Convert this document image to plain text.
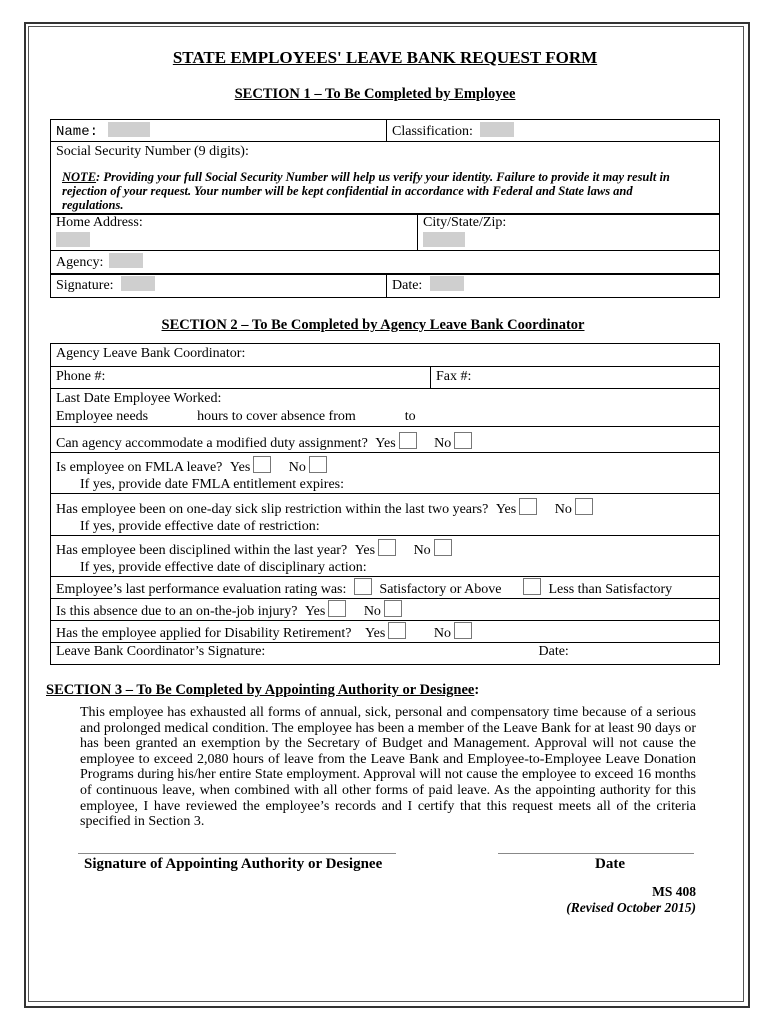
STATE EMPLOYEES' LEAVE BANK REQUEST FORM
SECTION 1 – To Be Completed by Employee
Name:	Classification:

Social Security Number (9 digits):
NOTE: Providing your full Social Security Number will help us verify your identity. Failure to provide it may result in rejection of your request. Your number will be kept confidential in accordance with Federal and State laws and regulations.
Home Address:	City/State/Zip:

Agency:
Signature:	Date:
SECTION 2 – To Be Completed by Agency Leave Bank Coordinator
Agency Leave Bank Coordinator:
Phone #:	Fax #:

Last Date Employee Worked:
Employee needs	hours to cover absence from	to

Can agency accommodate a modified duty assignment? Yes	No

Is employee on FMLA leave? Yes	No
If yes, provide date FMLA entitlement expires:

Has employee been on one-day sick slip restriction within the last two years? Yes	No
If yes, provide effective date of restriction:

Has employee been disciplined within the last year? Yes	No
If yes, provide effective date of disciplinary action:

Employee’s last performance evaluation rating was: Satisfactory or Above	Less than Satisfactory
Is this absence due to an on-the-job injury? Yes	No
Has the employee applied for Disability Retirement? Yes	No
Leave Bank Coordinator’s Signature:	Date:
SECTION 3 – To Be Completed by Appointing Authority or Designee:
This employee has exhausted all forms of annual, sick, personal and compensatory time because of a serious and prolonged medical condition. The employee has been a member of the Leave Bank for at least 90 days or has been granted an exemption by the Secretary of Budget and Management. Approval will not cause the employee to exceed 2,080 hours of leave from the Leave Bank and Employee-to-Employee Leave Donation Programs during his/her entire State employment. Approval will not cause the employee to exceed 16 months of continuous leave, when combined with all other forms of paid leave. As the appointing authority for this employee, I have reviewed the employee’s records and I certify that this request meets all of the criteria specified in Section 3.
Signature of Appointing Authority or Designee	Date
MS 408
(Revised October 2015)
